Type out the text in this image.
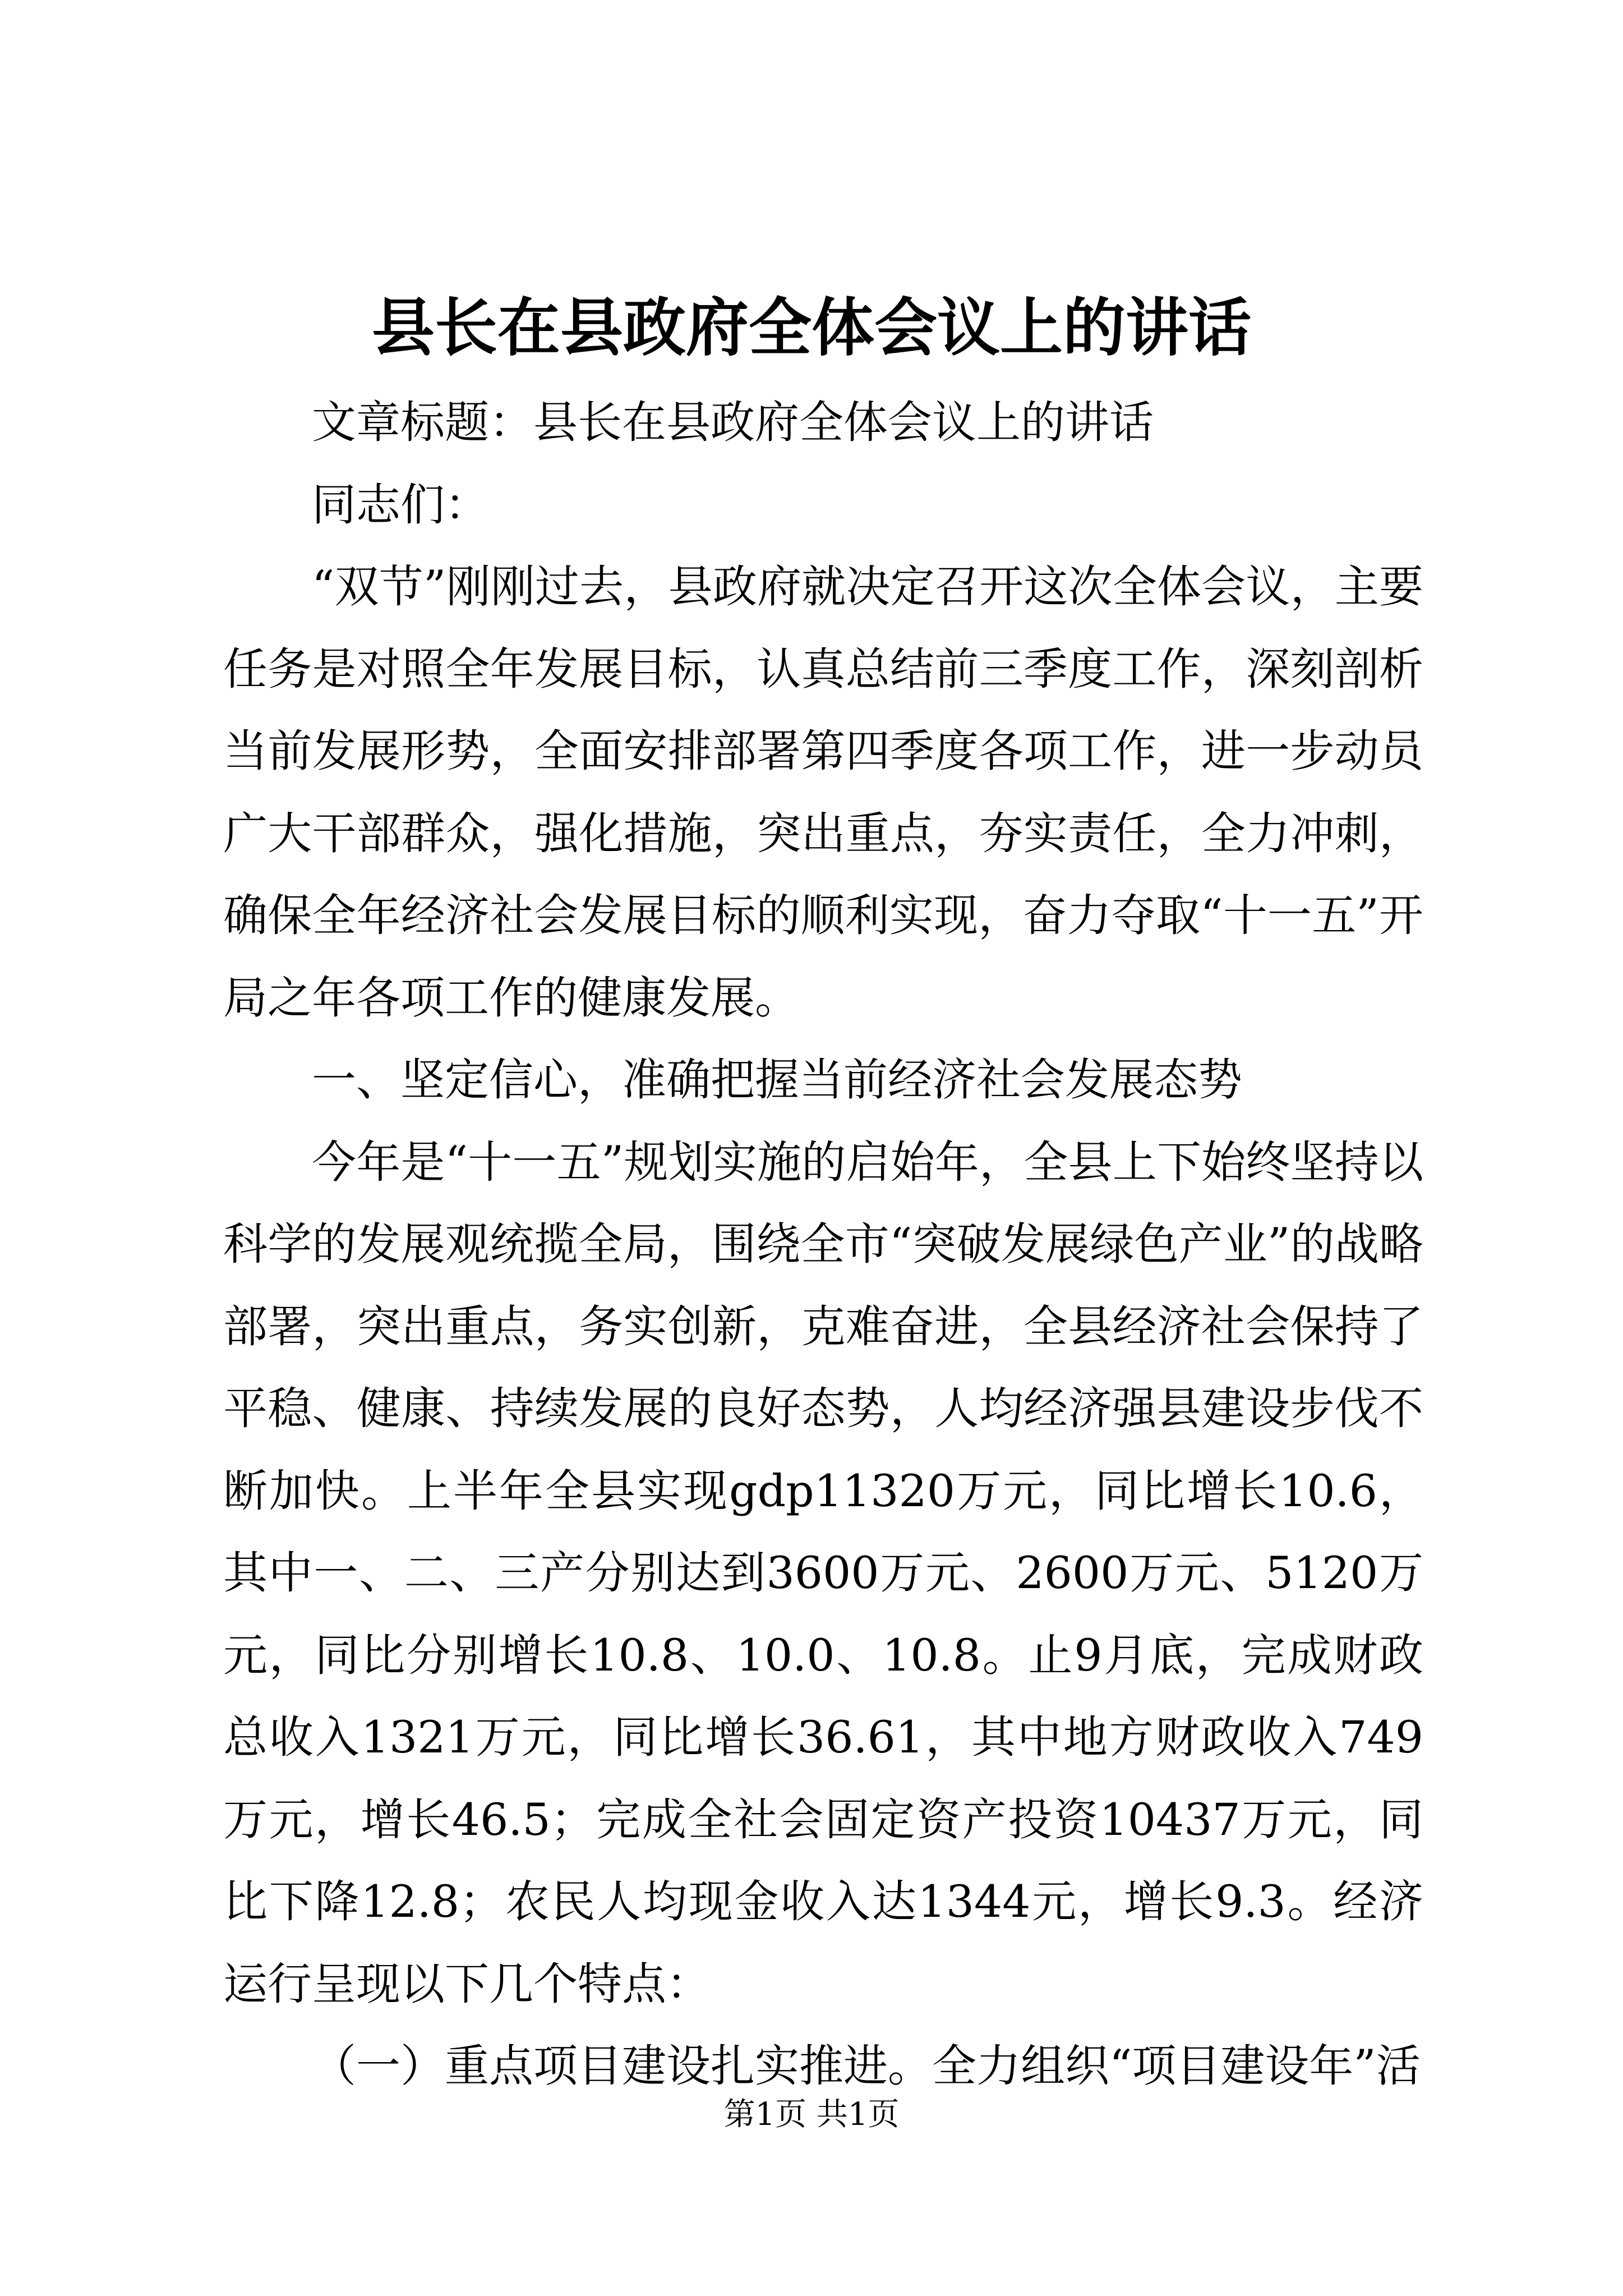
县长在县政府全体会议上的讲话

文章标题：县长在县政府全体会议上的讲话

同志们：

“双节”刚刚过去，县政府就决定召开这次全体会议，主要任务是对照全年发展目标，认真总结前三季度工作，深刻剖析当前发展形势，全面安排部署第四季度各项工作，进一步动员广大干部群众，强化措施，突出重点，夯实责任，全力冲刺，确保全年经济社会发展目标的顺利实现，奋力夺取“十一五”开局之年各项工作的健康发展。

一、坚定信心，准确把握当前经济社会发展态势

今年是“十一五”规划实施的启始年，全县上下始终坚持以科学的发展观统揽全局，围绕全市“突破发展绿色产业”的战略部署，突出重点，务实创新，克难奋进，全县经济社会保持了平稳、健康、持续发展的良好态势，人均经济强县建设步伐不断加快。上半年全县实现gdp11320万元，同比增长10.6，其中一、二、三产分别达到3600万元、2600万元、5120万元，同比分别增长10.8、10.0、10.8。止9月底，完成财政总收入1321万元，同比增长36.61，其中地方财政收入749万元，增长46.5；完成全社会固定资产投资10437万元，同比下降12.8；农民人均现金收入达1344元，增长9.3。经济运行呈现以下几个特点：

（一）重点项目建设扎实推进。全力组织“项目建设年”活

第1页 共1页
